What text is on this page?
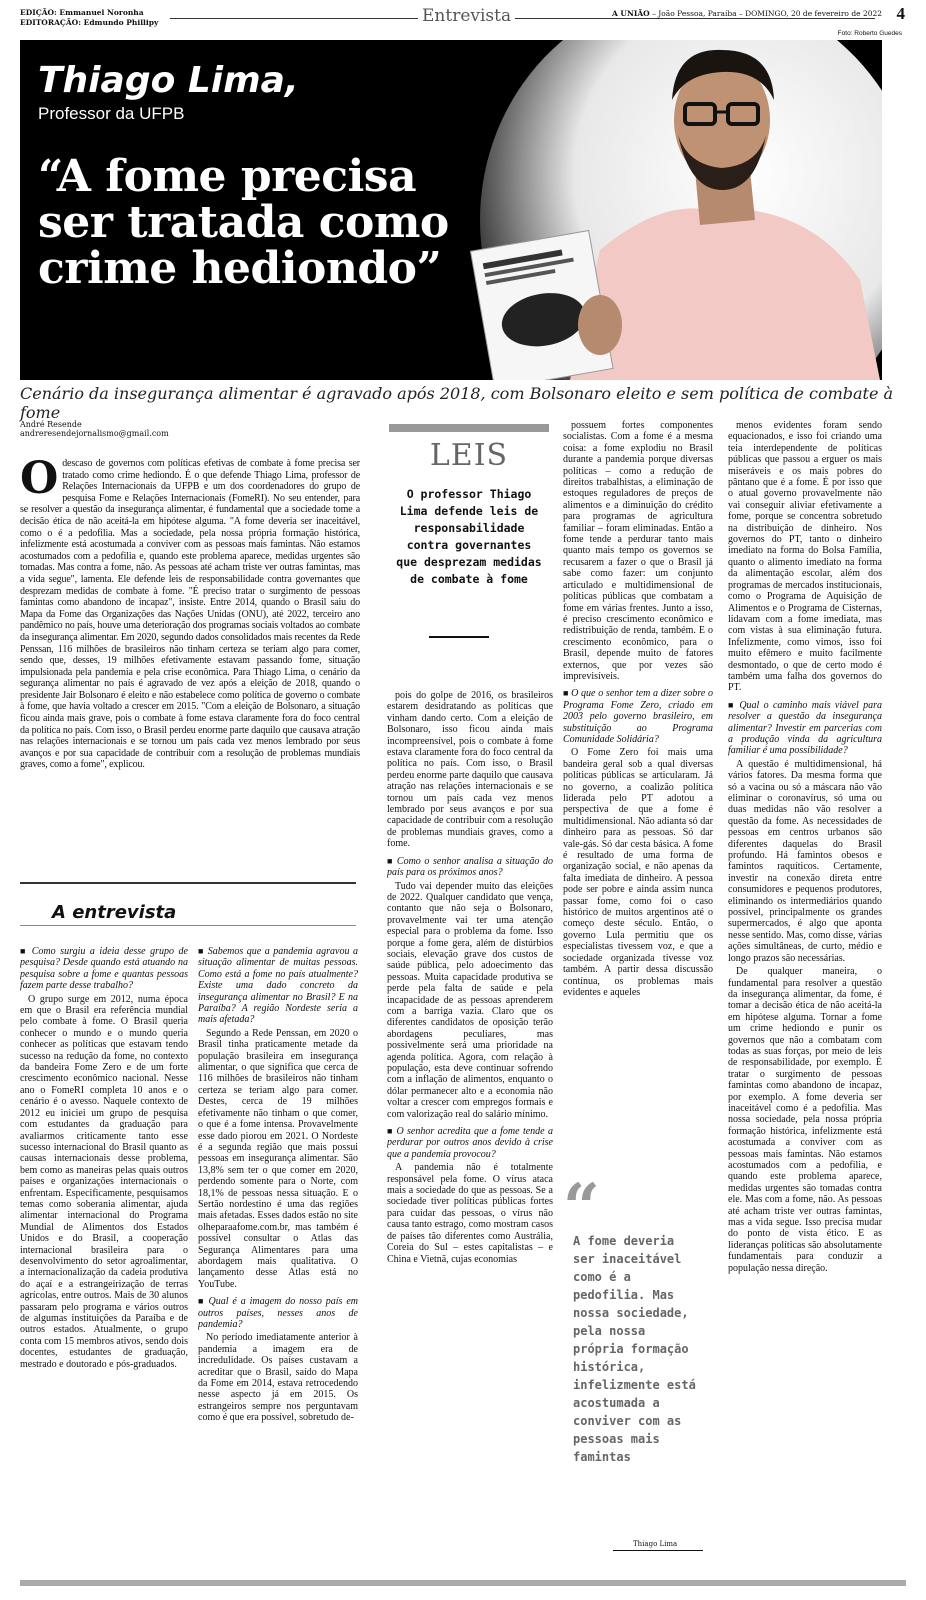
EDIÇÃO: Emmanuel Noronha
EDITORAÇÃO: Edmundo Phillipy	Entrevista	A UNIÃO – João Pessoa, Paraíba – DOMINGO, 20 de fevereiro de 2022 4
Foto: Roberto Guedes
Thiago Lima,
Professor da UFPB
“A fome precisa ser tratada como crime hediondo”
Cenário da insegurança alimentar é agravado após 2018, com Bolsonaro eleito e sem política de combate à fome
André Resende
andreresendejornalismo@gmail.com
O descaso de governos com políticas efetivas de combate à fome precisa ser tratado como crime hediondo. É o que defende Thiago Lima, professor de Relações Internacionais da UFPB e um dos coordenadores do grupo de pesquisa Fome e Relações Internacionais (FomeRI). No seu entender, para se resolver a questão da insegurança alimentar, é fundamental que a sociedade tome a decisão ética de não aceitá-la em hipótese alguma. "A fome deveria ser inaceitável, como o é a pedofilia. Mas a sociedade, pela nossa própria formação histórica, infelizmente está acostumada a conviver com as pessoas mais famintas. Não estamos acostumados com a pedofilia e, quando este problema aparece, medidas urgentes são tomadas. Mas contra a fome, não. As pessoas até acham triste ver outras famintas, mas a vida segue", lamenta. Ele defende leis de responsabilidade contra governantes que desprezam medidas de combate à fome. "É preciso tratar o surgimento de pessoas famintas como abandono de incapaz", insiste. Entre 2014, quando o Brasil saiu do Mapa da Fome das Organizações das Nações Unidas (ONU), até 2022, terceiro ano pandêmico no país, houve uma deterioração dos programas sociais voltados ao combate da insegurança alimentar. Em 2020, segundo dados consolidados mais recentes da Rede Penssan, 116 milhões de brasileiros não tinham certeza se teriam algo para comer, sendo que, desses, 19 milhões efetivamente estavam passando fome, situação impulsionada pela pandemia e pela crise econômica. Para Thiago Lima, o cenário da segurança alimentar no país é agravado de vez após a eleição de 2018, quando o presidente Jair Bolsonaro é eleito e não estabelece como política de governo o combate à fome, que havia voltado a crescer em 2015. "Com a eleição de Bolsonaro, a situação ficou ainda mais grave, pois o combate à fome estava claramente fora do foco central da política no país. Com isso, o Brasil perdeu enorme parte daquilo que causava atração nas relações internacionais e se tornou um país cada vez menos lembrado por seus avanços e por sua capacidade de contribuir com a resolução de problemas mundiais graves, como a fome", explicou.
A entrevista
LEIS
O professor Thiago Lima defende leis de responsabilidade contra governantes que desprezam medidas de combate à fome

■ Como surgiu a ideia desse grupo de pesquisa? Desde quando está atuando na pesquisa sobre a fome e quantas pessoas fazem parte desse trabalho?

O grupo surge em 2012, numa época em que o Brasil era referência mundial pelo combate à fome. O Brasil queria conhecer o mundo e o mundo queria conhecer as políticas que estavam tendo sucesso na redução da fome, no contexto da bandeira Fome Zero e de um forte crescimento econômico nacional. Nesse ano o FomeRI completa 10 anos e o cenário é o avesso. Naquele contexto de 2012 eu iniciei um grupo de pesquisa com estudantes da graduação para avaliarmos criticamente tanto esse sucesso internacional do Brasil quanto as causas internacionais desse problema, bem como as maneiras pelas quais outros países e organizações internacionais o enfrentam. Especificamente, pesquisamos temas como soberania alimentar, ajuda alimentar internacional do Programa Mundial de Alimentos dos Estados Unidos e do Brasil, a cooperação internacional brasileira para o desenvolvimento do setor agroalimentar, a internacionalização da cadeia produtiva do açaí e a estrangeirização de terras agrícolas, entre outros. Mais de 30 alunos passaram pelo programa e vários outros de algumas instituições da Paraíba e de outros estados. Atualmente, o grupo conta com 15 membros ativos, sendo dois docentes, estudantes de graduação, mestrado e doutorado e pós-graduados.

■ Sabemos que a pandemia agravou a situação alimentar de muitas pessoas. Como está a fome no país atualmente? Existe uma dado concreto da insegurança alimentar no Brasil? E na Paraíba? A região Nordeste seria a mais afetada?

Segundo a Rede Penssan, em 2020 o Brasil tinha praticamente metade da população brasileira em insegurança alimentar, o que significa que cerca de 116 milhões de brasileiros não tinham certeza se teriam algo para comer. Destes, cerca de 19 milhões efetivamente não tinham o que comer, o que é a fome intensa. Provavelmente esse dado piorou em 2021. O Nordeste é a segunda região que mais possui pessoas em insegurança alimentar. São 13,8% sem ter o que comer em 2020, perdendo somente para o Norte, com 18,1% de pessoas nessa situação. E o Sertão nordestino é uma das regiões mais afetadas. Esses dados estão no site olheparaafome.com.br, mas também é possível consultar o Atlas das Segurança Alimentares para uma abordagem mais qualitativa. O lançamento desse Atlas está no YouTube.

■ Qual é a imagem do nosso país em outros países, nesses anos de pandemia?

No período imediatamente anterior à pandemia a imagem era de incredulidade. Os países custavam a acreditar que o Brasil, saído do Mapa da Fome em 2014, estava retrocedendo nesse aspecto já em 2015. Os estrangeiros sempre nos perguntavam como é que era possível, sobretudo de-

pois do golpe de 2016, os brasileiros estarem desidratando as políticas que vinham dando certo. Com a eleição de Bolsonaro, isso ficou ainda mais incompreensível, pois o combate à fome estava claramente fora do foco central da política no país. Com isso, o Brasil perdeu enorme parte daquilo que causava atração nas relações internacionais e se tornou um país cada vez menos lembrado por seus avanços e por sua capacidade de contribuir com a resolução de problemas mundiais graves, como a fome.

■ Como o senhor analisa a situação do país para os próximos anos?

Tudo vai depender muito das eleições de 2022. Qualquer candidato que vença, contanto que não seja o Bolsonaro, provavelmente vai ter uma atenção especial para o problema da fome. Isso porque a fome gera, além de distúrbios sociais, elevação grave dos custos de saúde pública, pelo adoecimento das pessoas. Muita capacidade produtiva se perde pela falta de saúde e pela incapacidade de as pessoas aprenderem com a barriga vazia. Claro que os diferentes candidatos de oposição terão abordagens peculiares, mas possivelmente será uma prioridade na agenda política. Agora, com relação à população, esta deve continuar sofrendo com a inflação de alimentos, enquanto o dólar permanecer alto e a economia não voltar a crescer com empregos formais e com valorização real do salário mínimo.

■ O senhor acredita que a fome tende a perdurar por outros anos devido à crise que a pandemia provocou?

A pandemia não é totalmente responsável pela fome. O vírus ataca mais a sociedade do que as pessoas. Se a sociedade tiver políticas públicas fortes para cuidar das pessoas, o vírus não causa tanto estrago, como mostram casos de países tão diferentes como Austrália, Coreia do Sul – estes capitalistas – e China e Vietnã, cujas economias

possuem fortes componentes socialistas. Com a fome é a mesma coisa: a fome explodiu no Brasil durante a pandemia porque diversas políticas – como a redução de direitos trabalhistas, a eliminação de estoques reguladores de preços de alimentos e a diminuição do crédito para programas de agricultura familiar – foram eliminadas. Então a fome tende a perdurar tanto mais quanto mais tempo os governos se recusarem a fazer o que o Brasil já sabe como fazer: um conjunto articulado e multidimensional de políticas públicas que combatam a fome em várias frentes. Junto a isso, é preciso crescimento econômico e redistribuição de renda, também. E o crescimento econômico, para o Brasil, depende muito de fatores externos, que por vezes são imprevisíveis.

■ O que o senhor tem a dizer sobre o Programa Fome Zero, criado em 2003 pelo governo brasileiro, em substituição ao Programa Comunidade Solidária?

O Fome Zero foi mais uma bandeira geral sob a qual diversas políticas públicas se articularam. Já no governo, a coalizão política liderada pelo PT adotou a perspectiva de que a fome é multidimensional. Não adianta só dar dinheiro para as pessoas. Só dar vale-gás. Só dar cesta básica. A fome é resultado de uma forma de organização social, e não apenas da falta imediata de dinheiro. A pessoa pode ser pobre e ainda assim nunca passar fome, como foi o caso histórico de muitos argentinos até o começo deste século. Então, o governo Lula permitiu que os especialistas tivessem voz, e que a sociedade organizada tivesse voz também. A partir dessa discussão contínua, os problemas mais evidentes e aqueles

menos evidentes foram sendo equacionados, e isso foi criando uma teia interdependente de políticas públicas que passou a erguer os mais miseráveis e os mais pobres do pântano que é a fome. É por isso que o atual governo provavelmente não vai conseguir aliviar efetivamente a fome, porque se concentra sobretudo na distribuição de dinheiro. Nos governos do PT, tanto o dinheiro imediato na forma do Bolsa Família, quanto o alimento imediato na forma da alimentação escolar, além dos programas de mercados institucionais, como o Programa de Aquisição de Alimentos e o Programa de Cisternas, lidavam com a fome imediata, mas com vistas à sua eliminação futura. Infelizmente, como vimos, isso foi muito efêmero e muito facilmente desmontado, o que de certo modo é também uma falha dos governos do PT.

■ Qual o caminho mais viável para resolver a questão da insegurança alimentar? Investir em parcerias com a produção vinda da agricultura familiar é uma possibilidade?

A questão é multidimensional, há vários fatores. Da mesma forma que só a vacina ou só a máscara não vão eliminar o coronavírus, só uma ou duas medidas não vão resolver a questão da fome. As necessidades de pessoas em centros urbanos são diferentes daquelas do Brasil profundo. Há famintos obesos e famintos raquíticos. Certamente, investir na conexão direta entre consumidores e pequenos produtores, eliminando os intermediários quando possível, principalmente os grandes supermercados, é algo que aponta nesse sentido. Mas, como disse, várias ações simultâneas, de curto, médio e longo prazos são necessárias.

De qualquer maneira, o fundamental para resolver a questão da insegurança alimentar, da fome, é tomar a decisão ética de não aceitá-la em hipótese alguma. Tornar a fome um crime hediondo e punir os governos que não a combatam com todas as suas forças, por meio de leis de responsabilidade, por exemplo. É tratar o surgimento de pessoas famintas como abandono de incapaz, por exemplo. A fome deveria ser inaceitável como é a pedofilia. Mas nossa sociedade, pela nossa própria formação histórica, infelizmente está acostumada a conviver com as pessoas mais famintas. Não estamos acostumados com a pedofilia, e quando este problema aparece, medidas urgentes são tomadas contra ele. Mas com a fome, não. As pessoas até acham triste ver outras famintas, mas a vida segue. Isso precisa mudar do ponto de vista ético. E as lideranças políticas são absolutamente fundamentais para conduzir a população nessa direção.

“
A fome deveria ser inaceitável como é a pedofilia. Mas nossa sociedade, pela nossa própria formação histórica, infelizmente está acostumada a conviver com as pessoas mais famintas
Thiago Lima
